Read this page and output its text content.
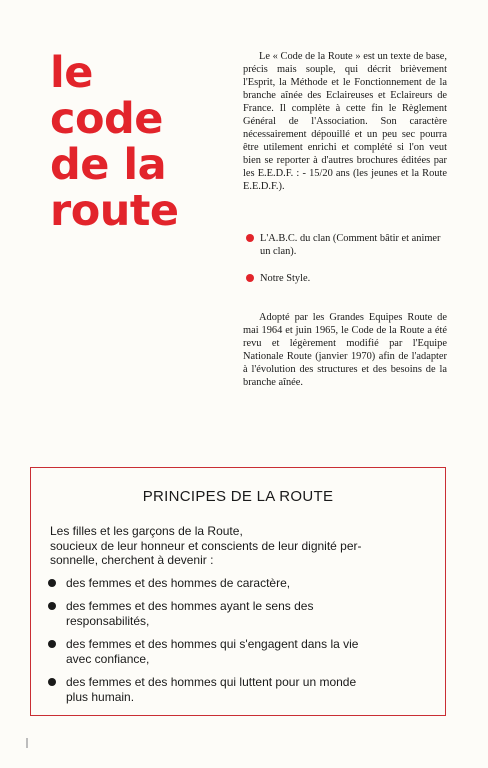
le
code
de la
route

Le « Code de la Route » est un texte de base, précis mais souple, qui décrit brièvement l'Esprit, la Méthode et le Fonctionnement de la branche aînée des Eclaireuses et Eclaireurs de France. Il complète à cette fin le Règlement Général de l'Association. Son caractère nécessairement dépouillé et un peu sec pourra être utilement enrichi et complété si l'on veut bien se reporter à d'autres brochures éditées par les E.E.D.F. : - 15/20 ans (les jeunes et la Route E.E.D.F.).

L'A.B.C. du clan (Comment bâtir et animer un clan).
Notre Style.

Adopté par les Grandes Equipes Route de mai 1964 et juin 1965, le Code de la Route a été revu et légèrement modifié par l'Equipe Nationale Route (janvier 1970) afin de l'adapter à l'évolution des structures et des besoins de la branche aînée.

PRINCIPES DE LA ROUTE
Les filles et les garçons de la Route,
soucieux de leur honneur et conscients de leur dignité per-
sonnelle, cherchent à devenir :
des femmes et des hommes de caractère,
des femmes et des hommes ayant le sens des
responsabilités,
des femmes et des hommes qui s'engagent dans la vie
avec confiance,
des femmes et des hommes qui luttent pour un monde
plus humain.
